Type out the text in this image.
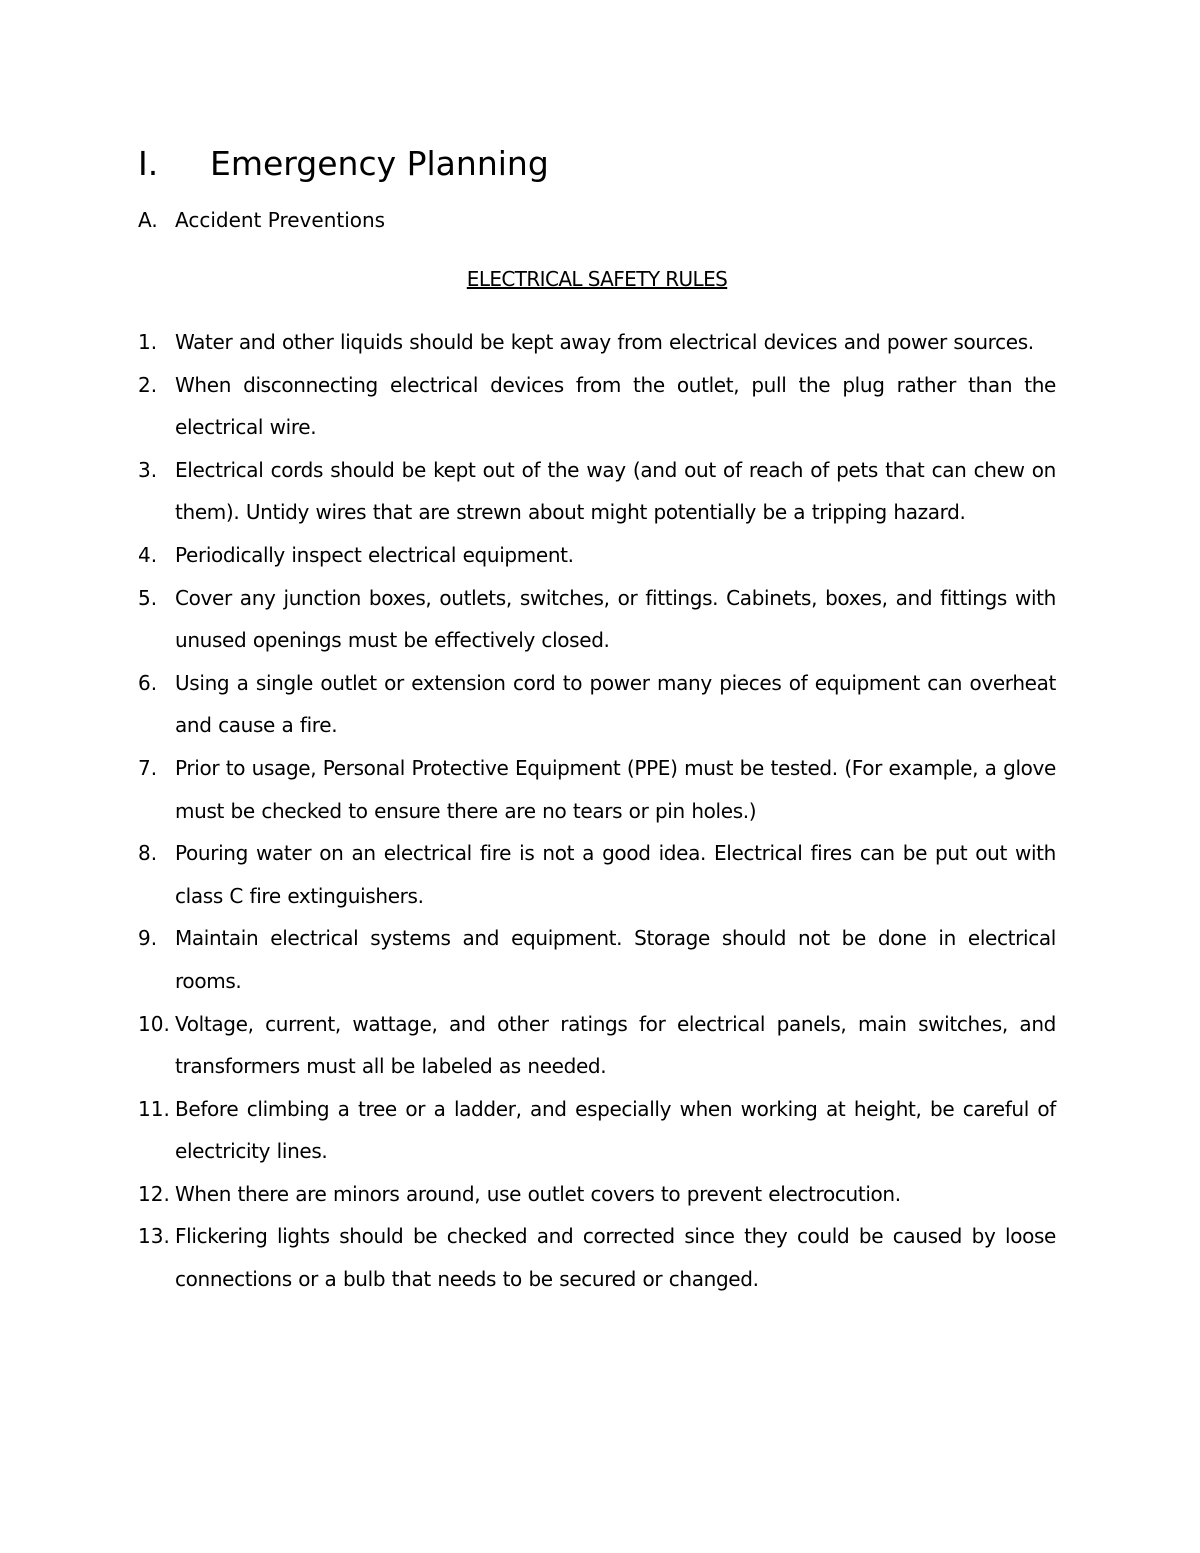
I. Emergency Planning
A. Accident Preventions
ELECTRICAL SAFETY RULES
1. Water and other liquids should be kept away from electrical devices and power sources.
2. When disconnecting electrical devices from the outlet, pull the plug rather than the electrical wire.
3. Electrical cords should be kept out of the way (and out of reach of pets that can chew on them). Untidy wires that are strewn about might potentially be a tripping hazard.
4. Periodically inspect electrical equipment.
5. Cover any junction boxes, outlets, switches, or fittings. Cabinets, boxes, and fittings with unused openings must be effectively closed.
6. Using a single outlet or extension cord to power many pieces of equipment can overheat and cause a fire.
7. Prior to usage, Personal Protective Equipment (PPE) must be tested. (For example, a glove must be checked to ensure there are no tears or pin holes.)
8. Pouring water on an electrical fire is not a good idea. Electrical fires can be put out with class C fire extinguishers.
9. Maintain electrical systems and equipment. Storage should not be done in electrical rooms.
10. Voltage, current, wattage, and other ratings for electrical panels, main switches, and transformers must all be labeled as needed.
11. Before climbing a tree or a ladder, and especially when working at height, be careful of electricity lines.
12. When there are minors around, use outlet covers to prevent electrocution.
13. Flickering lights should be checked and corrected since they could be caused by loose connections or a bulb that needs to be secured or changed.
